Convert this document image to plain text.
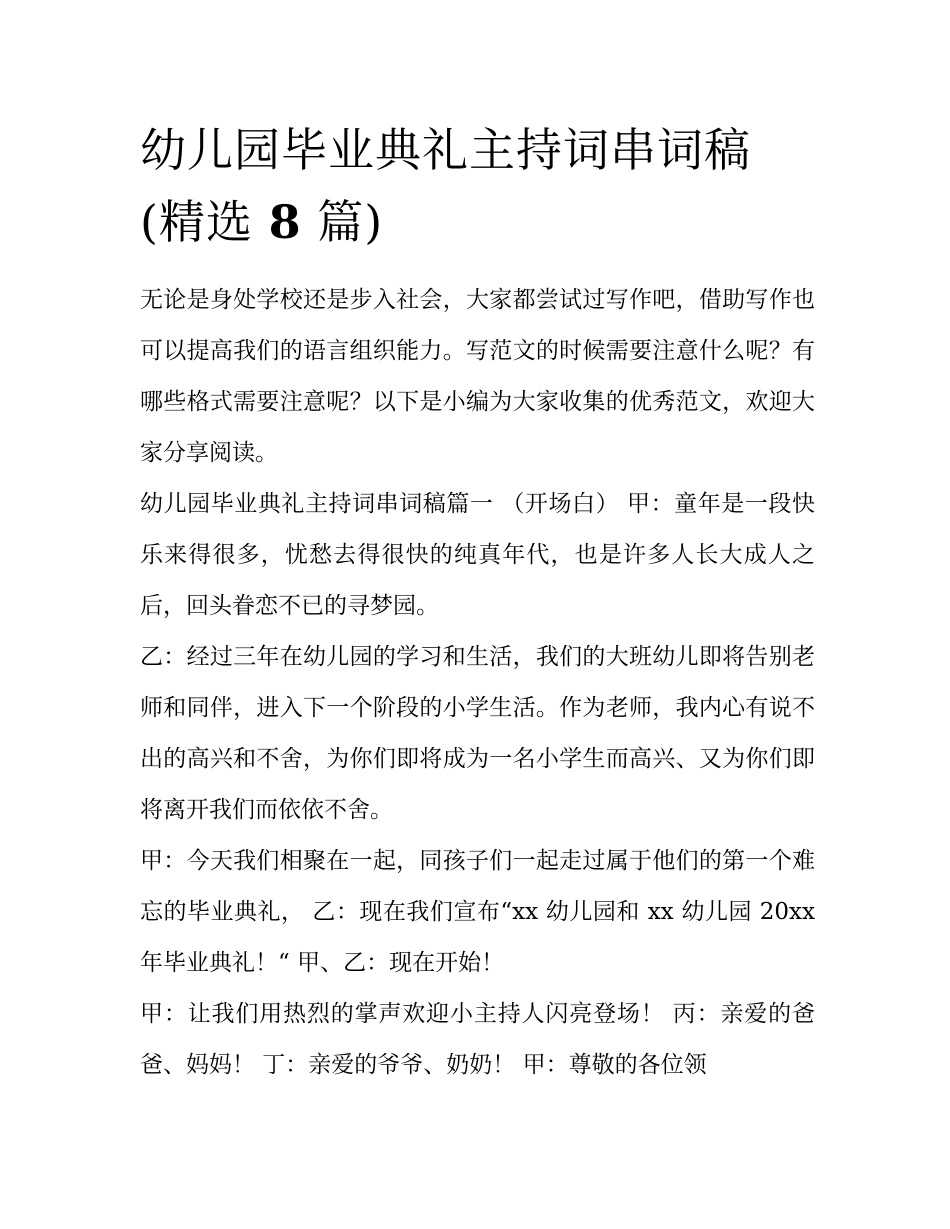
幼儿园毕业典礼主持词串词稿
(精选 8 篇)

无论是身处学校还是步入社会，大家都尝试过写作吧，借助写作也可以提高我们的语言组织能力。写范文的时候需要注意什么呢？有哪些格式需要注意呢？以下是小编为大家收集的优秀范文，欢迎大家分享阅读。

幼儿园毕业典礼主持词串词稿篇一 （开场白） 甲：童年是一段快乐来得很多，忧愁去得很快的纯真年代，也是许多人长大成人之后，回头眷恋不已的寻梦园。

乙：经过三年在幼儿园的学习和生活，我们的大班幼儿即将告别老师和同伴，进入下一个阶段的小学生活。作为老师，我内心有说不出的高兴和不舍，为你们即将成为一名小学生而高兴、又为你们即将离开我们而依依不舍。

甲：今天我们相聚在一起，同孩子们一起走过属于他们的第一个难忘的毕业典礼， 乙：现在我们宣布“xx 幼儿园和 xx 幼儿园 20xx 年毕业典礼！“ 甲、乙：现在开始！

甲：让我们用热烈的掌声欢迎小主持人闪亮登场！ 丙：亲爱的爸爸、妈妈！ 丁：亲爱的爷爷、奶奶！ 甲：尊敬的各位领
